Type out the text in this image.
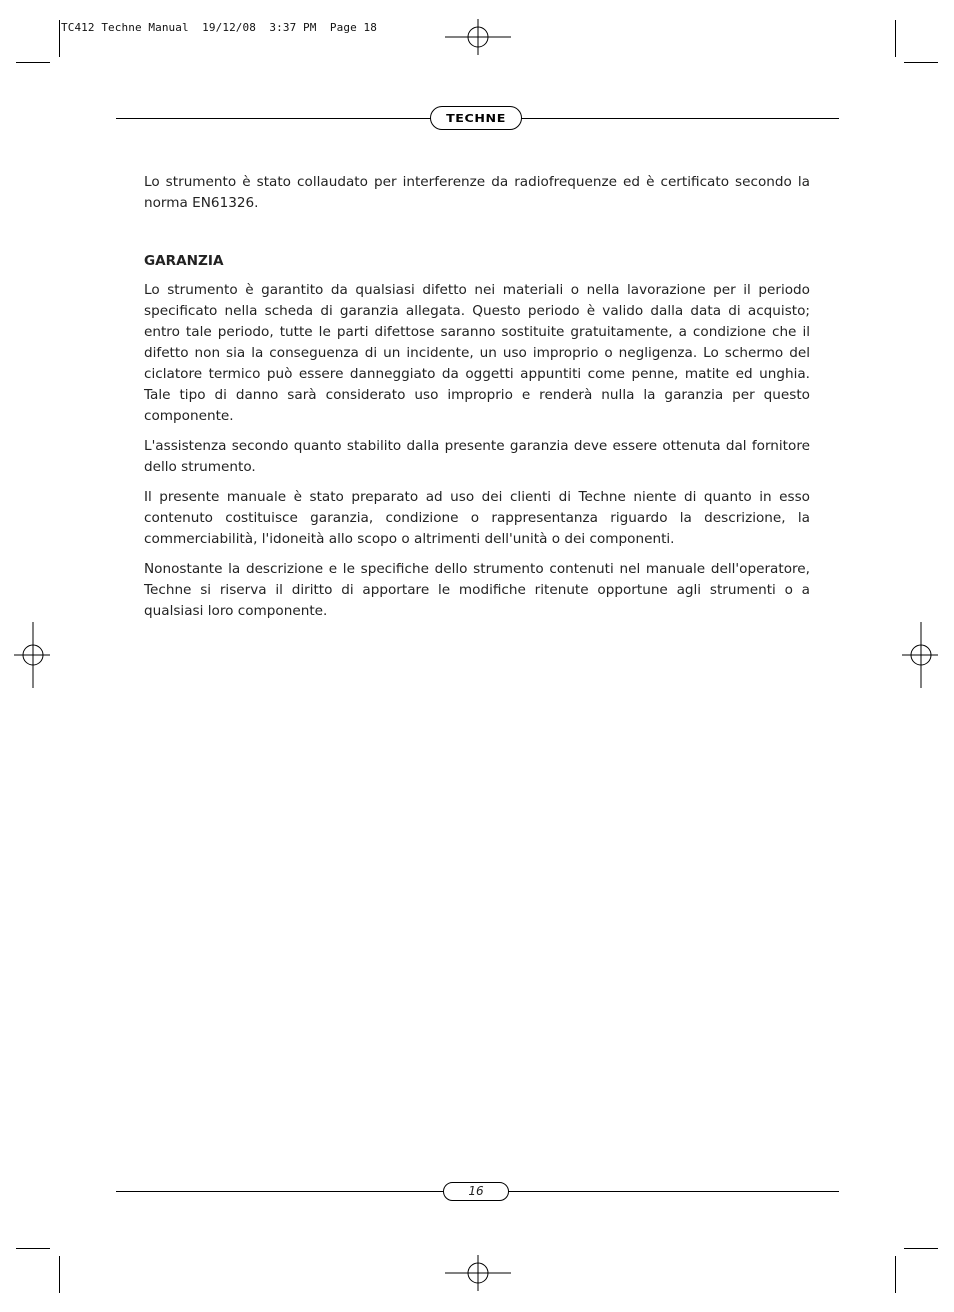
TC412 Techne Manual  19/12/08  3:37 PM  Page 18
TECHNE

Lo strumento è stato collaudato per interferenze da radiofrequenze ed è certificato secondo la norma EN61326.

GARANZIA

Lo strumento è garantito da qualsiasi difetto nei materiali o nella lavorazione per il periodo specificato nella scheda di garanzia allegata. Questo periodo è valido dalla data di acquisto; entro tale periodo, tutte le parti difettose saranno sostituite gratuitamente, a condizione che il difetto non sia la conseguenza di un incidente, un uso improprio o negligenza. Lo schermo del ciclatore termico può essere danneggiato da oggetti appuntiti come penne, matite ed unghia. Tale tipo di danno sarà considerato uso improprio e renderà nulla la garanzia per questo componente.

L'assistenza secondo quanto stabilito dalla presente garanzia deve essere ottenuta dal fornitore dello strumento.

Il presente manuale è stato preparato ad uso dei clienti di Techne niente di quanto in esso contenuto costituisce garanzia, condizione o rappresentanza riguardo la descrizione, la commerciabilità, l'idoneità allo scopo o altrimenti dell'unità o dei componenti.

Nonostante la descrizione e le specifiche dello strumento contenuti nel manuale dell'operatore, Techne si riserva il diritto di apportare le modifiche ritenute opportune agli strumenti o a qualsiasi loro componente.

16
